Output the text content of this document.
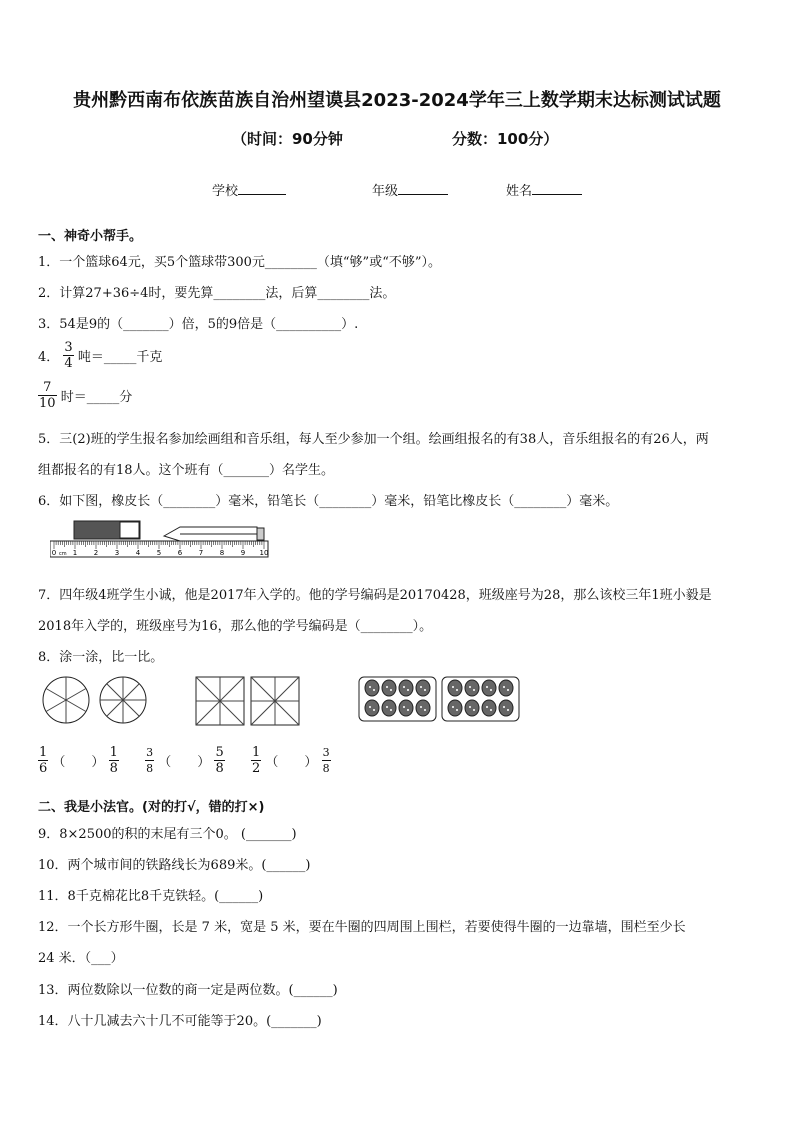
贵州黔西南布依族苗族自治州望谟县2023-2024学年三上数学期末达标测试试题
（时间：90分钟	分数：100分）
学校	年级	姓名
一、神奇小帮手。
1．一个篮球64元，买5个篮球带300元________（填“够”或“不够”）。
2．计算27+36÷4时，要先算________法，后算________法。
3．54是9的（_______）倍，5的9倍是（__________）.
4． $\frac{3}{4}$ 吨＝_____千克
$\frac{7}{10}$ 时＝_____分
5．三(2)班的学生报名参加绘画组和音乐组，每人至少参加一个组。绘画组报名的有38人，音乐组报名的有26人，两
组都报名的有18人。这个班有（_______）名学生。
6．如下图，橡皮长（________）毫米，铅笔长（________）毫米，铅笔比橡皮长（________）毫米。
0 1 2 3 4 5 6 7 8 9 10
cm
7．四年级4班学生小诚，他是2017年入学的。他的学号编码是20170428，班级座号为28，那么该校三年1班小毅是
2018年入学的，班级座号为16，那么他的学号编码是（________）。
8．涂一涂，比一比。
$\frac{1}{6}$ （　　） $\frac{1}{8}$
$\frac{3}{8}$ （　　） $\frac{5}{8}$
$\frac{1}{2}$ （　　） $\frac{3}{8}$
二、我是小法官。(对的打√，错的打×)
9．8×2500的积的末尾有三个0。 (_______)
10．两个城市间的铁路线长为689米。(______)
11．8千克棉花比8千克铁轻。(______)
12．一个长方形牛圈，长是 7 米，宽是 5 米，要在牛圈的四周围上围栏，若要使得牛圈的一边靠墙，围栏至少长
24 米．（___）
13．两位数除以一位数的商一定是两位数。(______)
14．八十几减去六十几不可能等于20。(_______)
